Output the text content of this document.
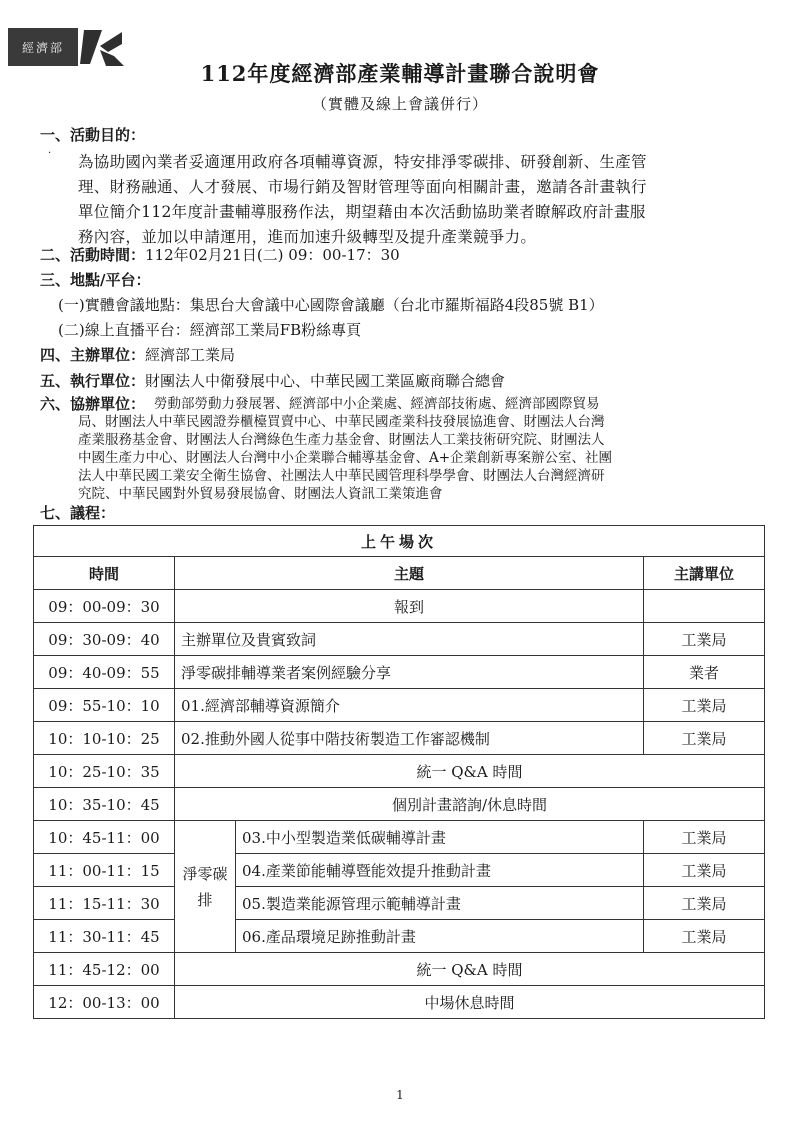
經濟部
112年度經濟部產業輔導計畫聯合說明會
（實體及線上會議併行）
一、活動目的：
· 為協助國內業者妥適運用政府各項輔導資源，特安排淨零碳排、研發創新、生產管
理、財務融通、人才發展、市場行銷及智財管理等面向相關計畫，邀請各計畫執行
單位簡介112年度計畫輔導服務作法，期望藉由本次活動協助業者瞭解政府計畫服
務內容，並加以申請運用，進而加速升級轉型及提升產業競爭力。
二、活動時間：112年02月21日(二) 09：00-17：30
三、地點/平台：
(一)實體會議地點：集思台大會議中心國際會議廳（台北市羅斯福路4段85號 B1）
(二)線上直播平台：經濟部工業局FB粉絲專頁
四、主辦單位：經濟部工業局
五、執行單位：財團法人中衛發展中心、中華民國工業區廠商聯合總會
六、協辦單位： 勞動部勞動力發展署、經濟部中小企業處、經濟部技術處、經濟部國際貿易
局、財團法人中華民國證券櫃檯買賣中心、中華民國產業科技發展協進會、財團法人台灣
產業服務基金會、財團法人台灣綠色生產力基金會、財團法人工業技術研究院、財團法人
中國生產力中心、財團法人台灣中小企業聯合輔導基金會、A+企業創新專案辦公室、社團
法人中華民國工業安全衛生協會、社團法人中華民國管理科學學會、財團法人台灣經濟研
究院、中華民國對外貿易發展協會、財團法人資訊工業策進會
七、議程：
上午場次			
時間	主題		主講單位
09：00-09：30	報到		
09：30-09：40	主辦單位及貴賓致詞		工業局
09：40-09：55	淨零碳排輔導業者案例經驗分享		業者
09：55-10：10	01.經濟部輔導資源簡介		工業局
10：10-10：25	02.推動外國人從事中階技術製造工作審認機制		工業局
10：25-10：35	統一 Q&A 時間		
10：35-10：45	個別計畫諮詢/休息時間		
10：45-11：00	淨零碳排	03.中小型製造業低碳輔導計畫	工業局
11：00-11：15		04.產業節能輔導暨能效提升推動計畫	工業局
11：15-11：30		05.製造業能源管理示範輔導計畫	工業局
11：30-11：45		06.產品環境足跡推動計畫	工業局
11：45-12：00	統一 Q&A 時間		
12：00-13：00	中場休息時間		
1
